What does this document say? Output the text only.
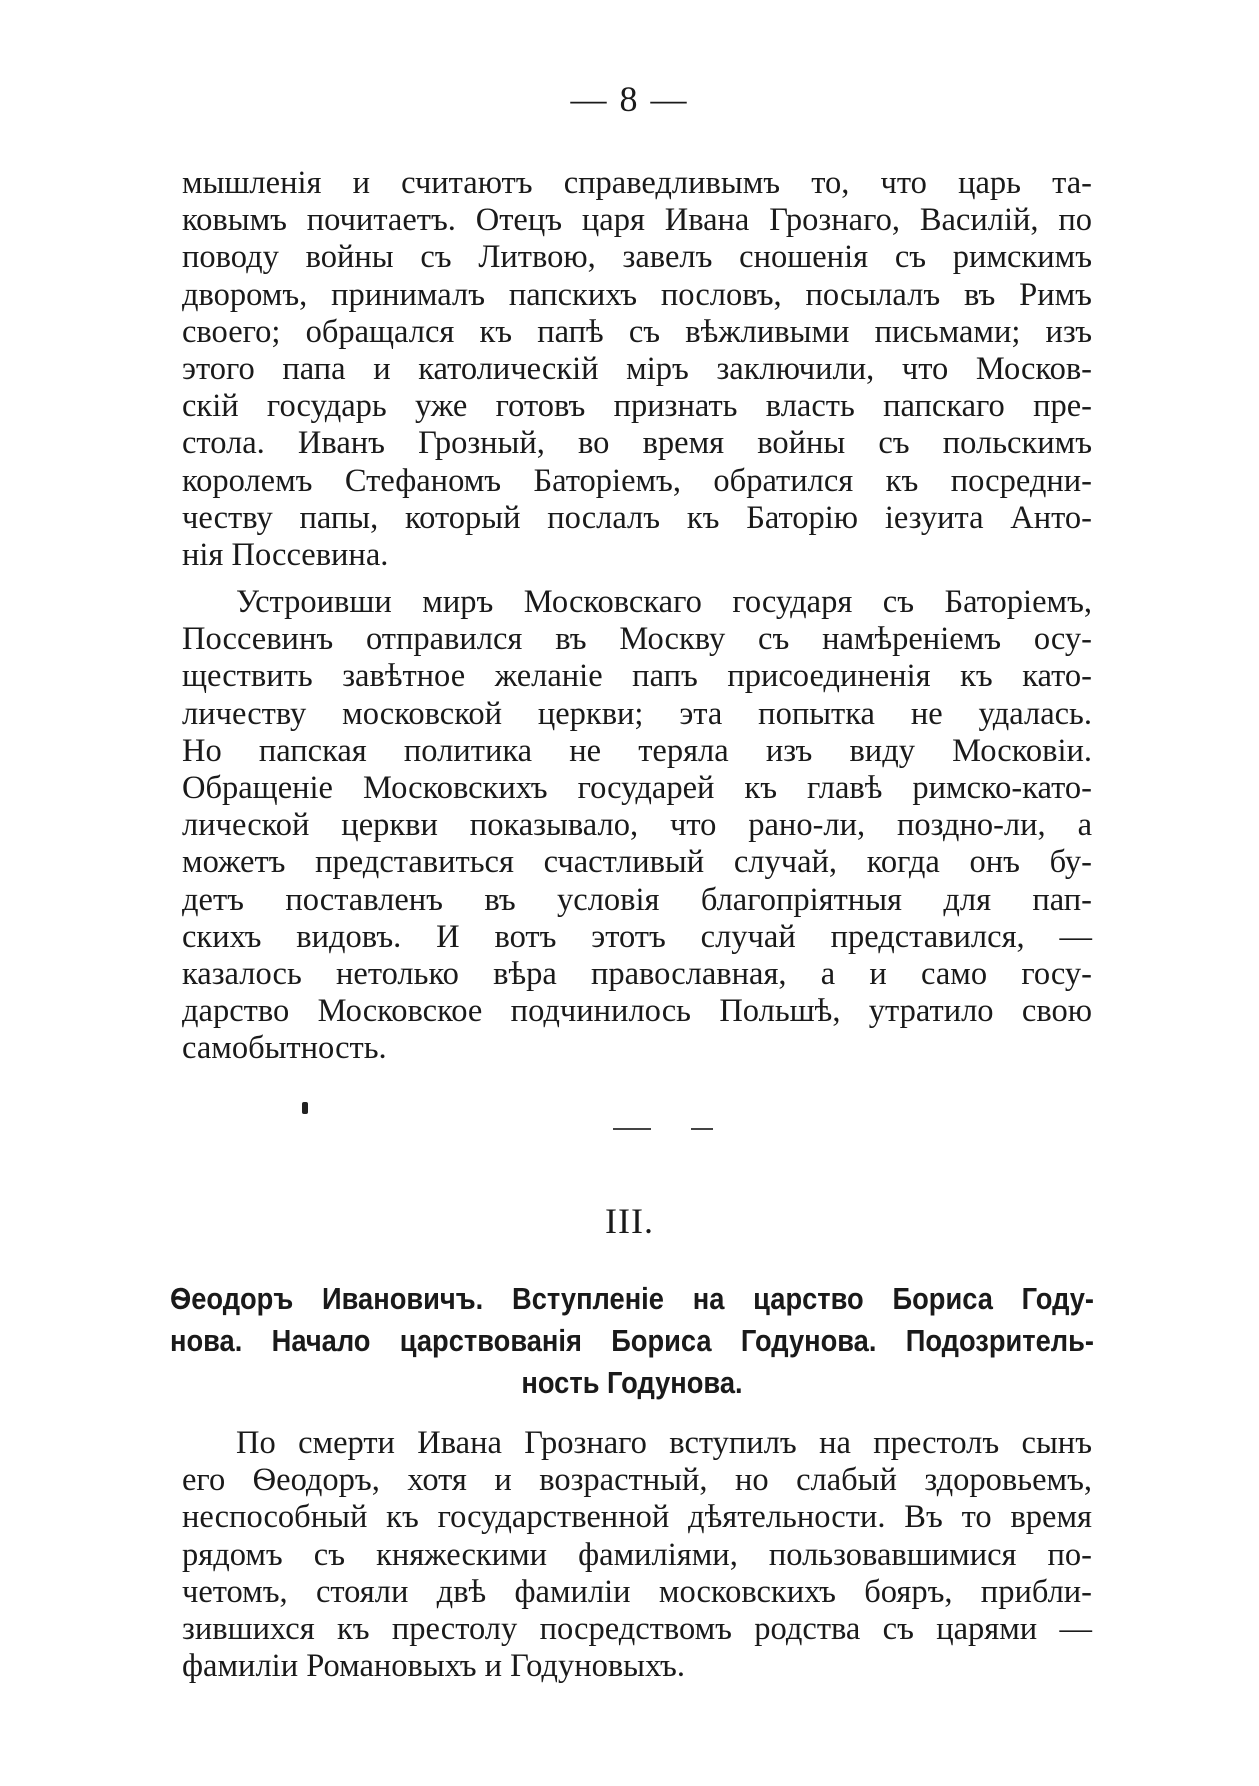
— 8 —
мышленія и считаютъ справедливымъ то, что царь та-
ковымъ почитаетъ. Отецъ царя Ивана Грознаго, Василій, по
поводу войны съ Литвою, завелъ сношенія съ римскимъ
дворомъ, принималъ папскихъ пословъ, посылалъ въ Римъ
своего; обращался къ папѣ съ вѣжливыми письмами; изъ
этого папа и католическій міръ заключили, что Москов-
скій государь уже готовъ признать власть папскаго пре-
стола. Иванъ Грозный, во время войны съ польскимъ
королемъ Стефаномъ Баторіемъ, обратился къ посредни-
честву папы, который послалъ къ Баторію іезуита Анто-
нія Поссевина.
Устроивши миръ Московскаго государя съ Баторіемъ,
Поссевинъ отправился въ Москву съ намѣреніемъ осу-
ществить завѣтное желаніе папъ присоединенія къ като-
личеству московской церкви; эта попытка не удалась.
Но папская политика не теряла изъ виду Московіи.
Обращеніе Московскихъ государей къ главѣ римско-като-
лической церкви показывало, что рано-ли, поздно-ли, а
можетъ представиться счастливый случай, когда онъ бу-
детъ поставленъ въ условія благопріятныя для пап-
скихъ видовъ. И вотъ этотъ случай представился, —
казалось нетолько вѣра православная, а и само госу-
дарство Московское подчинилось Польшѣ, утратило свою
самобытность.
III.
Ѳеодоръ Ивановичъ. Вступленіе на царство Бориса Году-
нова. Начало царствованія Бориса Годунова. Подозритель-
ность Годунова.
По смерти Ивана Грознаго вступилъ на престолъ сынъ
его Ѳеодоръ, хотя и возрастный, но слабый здоровьемъ,
неспособный къ государственной дѣятельности. Въ то время
рядомъ съ княжескими фамиліями, пользовавшимися по-
четомъ, стояли двѣ фамиліи московскихъ бояръ, прибли-
зившихся къ престолу посредствомъ родства съ царями —
фамиліи Романовыхъ и Годуновыхъ.
